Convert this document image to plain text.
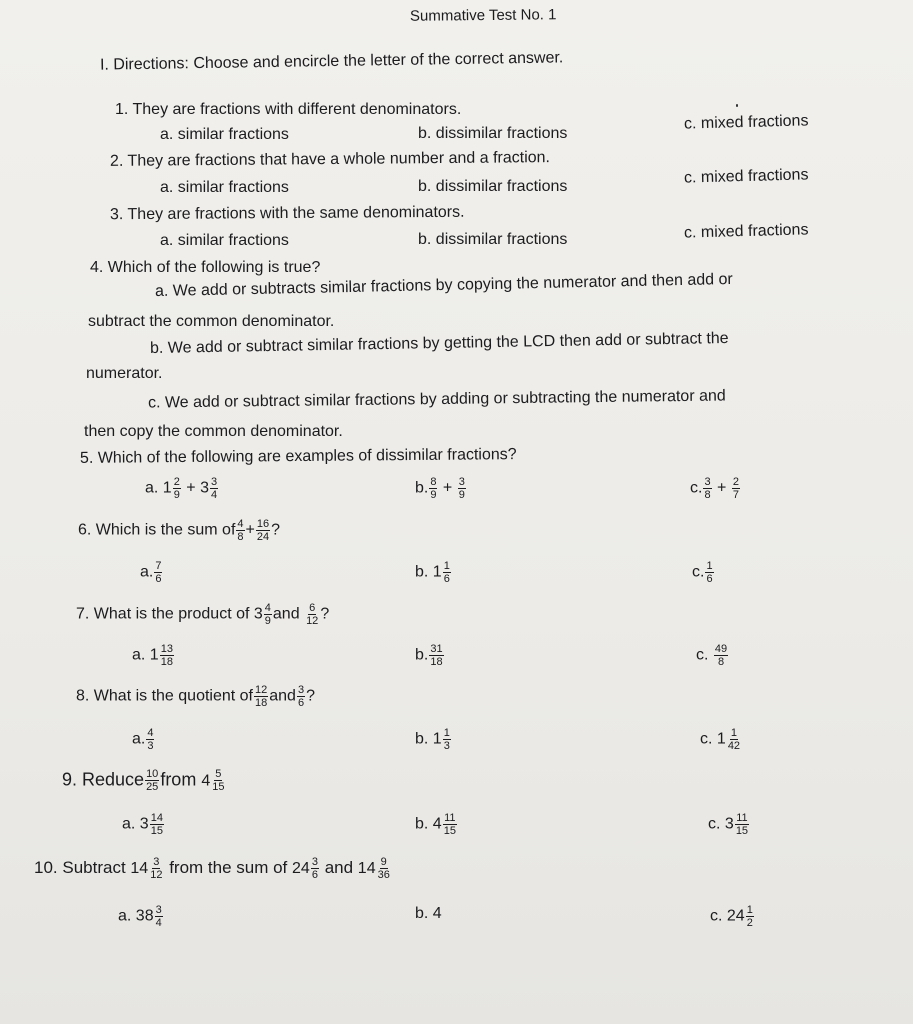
Summative Test No. 1
I. Directions: Choose and encircle the letter of the correct answer.
1. They are fractions with different denominators.
a. similar fractions	b. dissimilar fractions
c. mixed fractions
2. They are fractions that have a whole number and a fraction.
a. similar fractions	b. dissimilar fractions	c. mixed fractions
3. They are fractions with the same denominators.
a. similar fractions	b. dissimilar fractions	c. mixed fractions
4. Which of the following is true?
a. We add or subtracts similar fractions by copying the numerator and then add or
subtract the common denominator.
b. We add or subtract similar fractions by getting the LCD then add or subtract the
numerator.
c. We add or subtract similar fractions by adding or subtracting the numerator and
then copy the common denominator.
5. Which of the following are examples of dissimilar fractions?
a. $1 \frac{2}{9} + 3 \frac{3}{4}$	b. $\frac{8}{9} + \frac{3}{9}$	c. $\frac{3}{8} + \frac{2}{7}$
6. Which is the sum of $\frac{4}{8} + \frac{16}{24}$ ?
a. $\frac{7}{6}$	b. $1 \frac{1}{6}$	c. $\frac{1}{6}$
7. What is the product of $3 \frac{4}{9}$ and $\frac{6}{12}$ ?
a. $1 \frac{13}{18}$	b. $\frac{31}{18}$	c. $\frac{49}{8}$
8. What is the quotient of $\frac{12}{18}$ and $\frac{3}{6}$ ?
a. $\frac{4}{3}$	b. $1 \frac{1}{3}$	c. $1 \frac{1}{42}$
9. Reduce $\frac{10}{25}$ from $4 \frac{5}{15}$
a. $3 \frac{14}{15}$	b. $4 \frac{11}{15}$	c. $3 \frac{11}{15}$
10. Subtract $14 \frac{3}{12}$ from the sum of $24 \frac{3}{6}$ and $14 \frac{9}{36}$
a. $38 \frac{3}{4}$	b. 4	c. $24 \frac{1}{2}$
